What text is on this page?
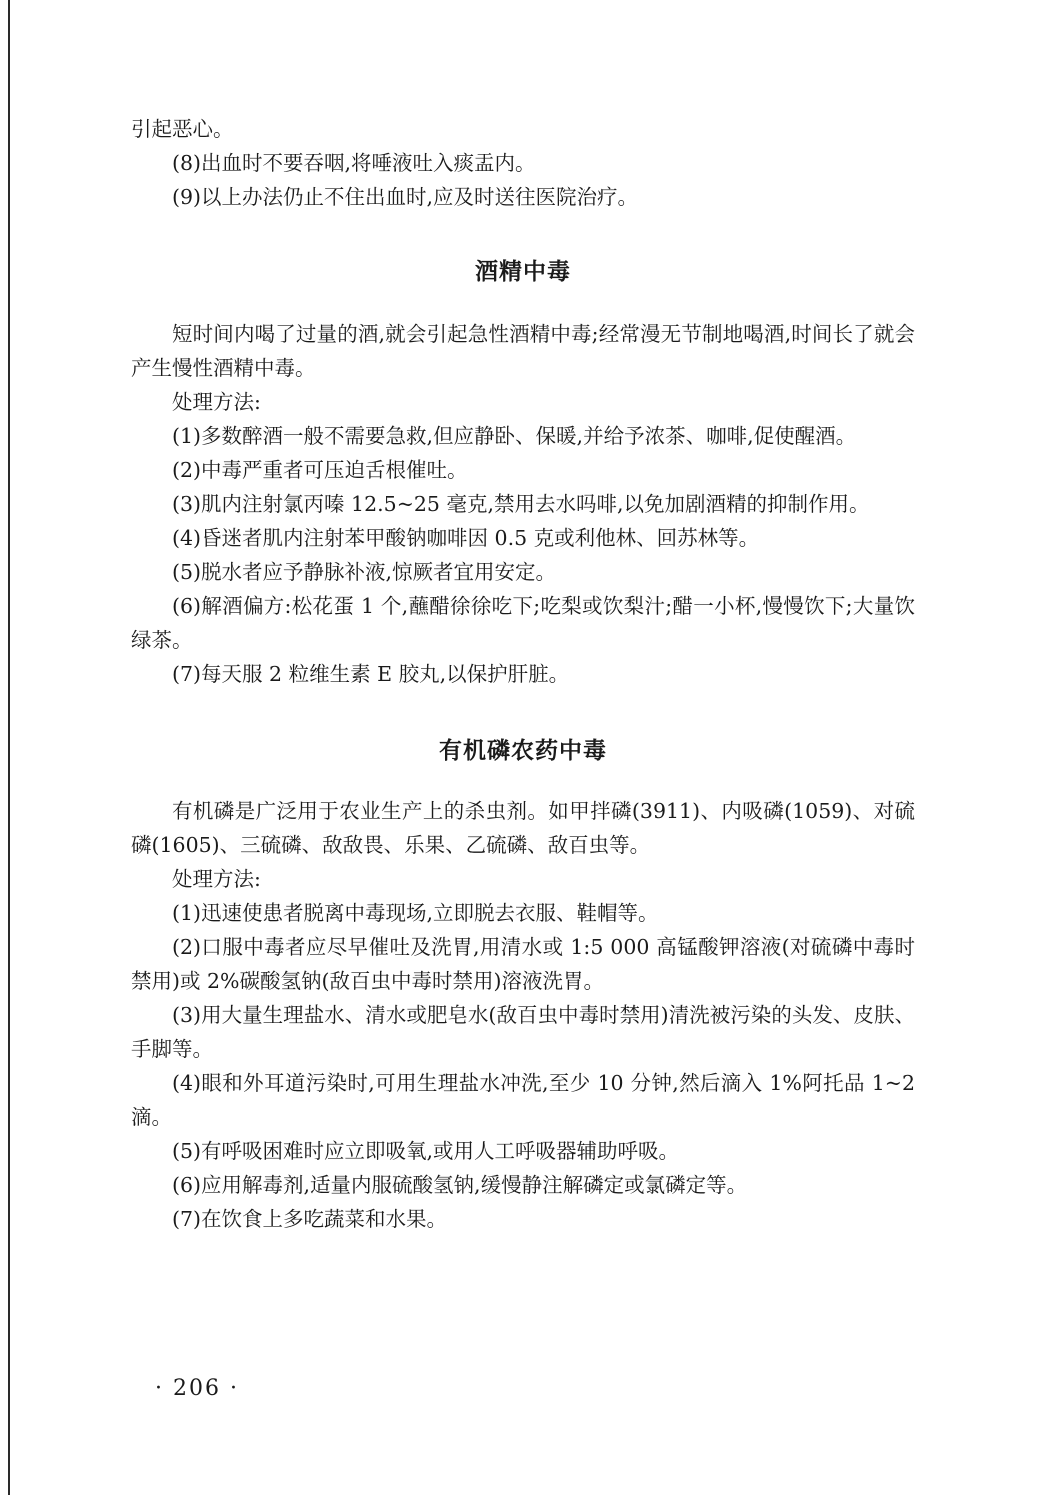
引起恶心。

(8)出血时不要吞咽,将唾液吐入痰盂内。

(9)以上办法仍止不住出血时,应及时送往医院治疗。

酒精中毒

短时间内喝了过量的酒,就会引起急性酒精中毒;经常漫无节制地喝酒,时间长了就会产生慢性酒精中毒。

处理方法:

(1)多数醉酒一般不需要急救,但应静卧、保暖,并给予浓茶、咖啡,促使醒酒。

(2)中毒严重者可压迫舌根催吐。

(3)肌内注射氯丙嗪 12.5~25 毫克,禁用去水吗啡,以免加剧酒精的抑制作用。

(4)昏迷者肌内注射苯甲酸钠咖啡因 0.5 克或利他林、回苏林等。

(5)脱水者应予静脉补液,惊厥者宜用安定。

(6)解酒偏方:松花蛋 1 个,蘸醋徐徐吃下;吃梨或饮梨汁;醋一小杯,慢慢饮下;大量饮绿茶。

(7)每天服 2 粒维生素 E 胶丸,以保护肝脏。

有机磷农药中毒

有机磷是广泛用于农业生产上的杀虫剂。如甲拌磷(3911)、内吸磷(1059)、对硫磷(1605)、三硫磷、敌敌畏、乐果、乙硫磷、敌百虫等。

处理方法:

(1)迅速使患者脱离中毒现场,立即脱去衣服、鞋帽等。

(2)口服中毒者应尽早催吐及洗胃,用清水或 1:5 000 高锰酸钾溶液(对硫磷中毒时禁用)或 2%碳酸氢钠(敌百虫中毒时禁用)溶液洗胃。

(3)用大量生理盐水、清水或肥皂水(敌百虫中毒时禁用)清洗被污染的头发、皮肤、手脚等。

(4)眼和外耳道污染时,可用生理盐水冲洗,至少 10 分钟,然后滴入 1%阿托品 1~2 滴。

(5)有呼吸困难时应立即吸氧,或用人工呼吸器辅助呼吸。

(6)应用解毒剂,适量内服硫酸氢钠,缓慢静注解磷定或氯磷定等。

(7)在饮食上多吃蔬菜和水果。

· 206 ·
